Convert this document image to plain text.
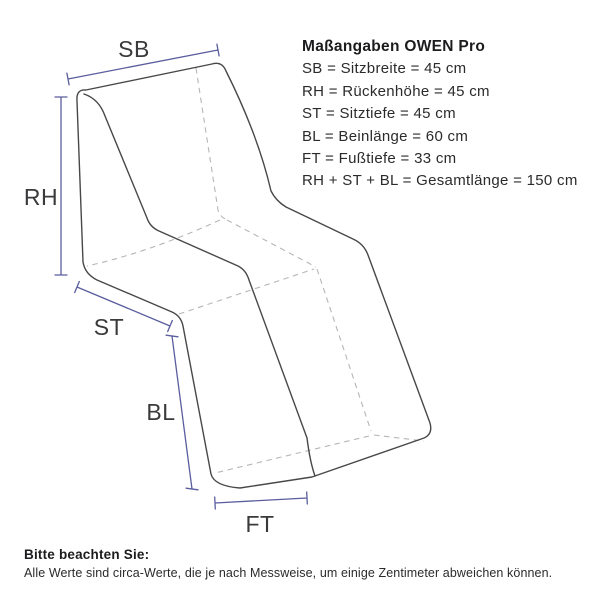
SB
RH
ST
BL
FT
Maßangaben OWEN Pro
SB = Sitzbreite = 45 cm
RH = Rückenhöhe = 45 cm
ST = Sitztiefe = 45 cm
BL = Beinlänge = 60 cm
FT = Fußtiefe = 33 cm
RH + ST + BL = Gesamtlänge = 150 cm
Bitte beachten Sie:
Alle Werte sind circa-Werte, die je nach Messweise, um einige Zentimeter abweichen können.
